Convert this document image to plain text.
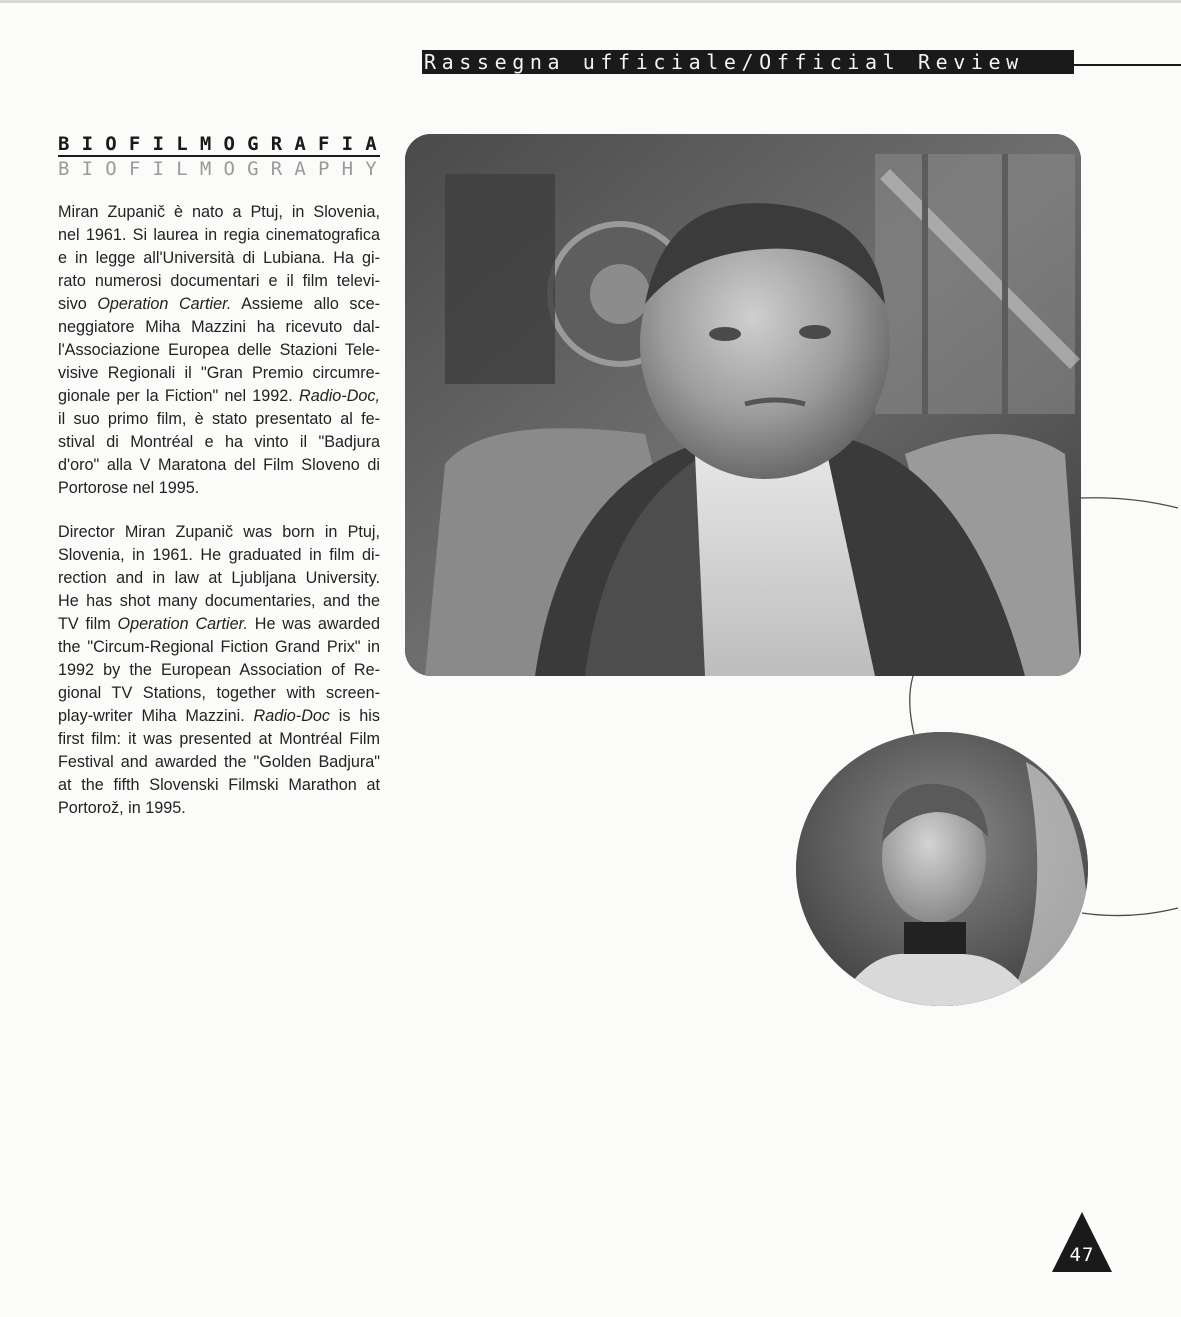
Rassegna ufficiale/Official Review
BIOFILMOGRAFIA
BIOFILMOGRAPHY
Miran Zupanič è nato a Ptuj, in Slovenia,
nel 1961. Si laurea in regia cinematografica
e in legge all'Università di Lubiana. Ha gi-
rato numerosi documentari e il film televi-
sivo Operation Cartier. Assieme allo sce-
neggiatore Miha Mazzini ha ricevuto dal-
l'Associazione Europea delle Stazioni Tele-
visive Regionali il "Gran Premio circumre-
gionale per la Fiction" nel 1992. Radio-Doc,
il suo primo film, è stato presentato al fe-
stival di Montréal e ha vinto il "Badjura
d'oro" alla V Maratona del Film Sloveno di
Portorose nel 1995.
Director Miran Zupanič was born in Ptuj,
Slovenia, in 1961. He graduated in film di-
rection and in law at Ljubljana University.
He has shot many documentaries, and the
TV film Operation Cartier. He was awarded
the "Circum-Regional Fiction Grand Prix" in
1992 by the European Association of Re-
gional TV Stations, together with screen-
play-writer Miha Mazzini. Radio-Doc is his
first film: it was presented at Montréal Film
Festival and awarded the "Golden Badjura"
at the fifth Slovenski Filmski Marathon at
Portorož, in 1995.
47
